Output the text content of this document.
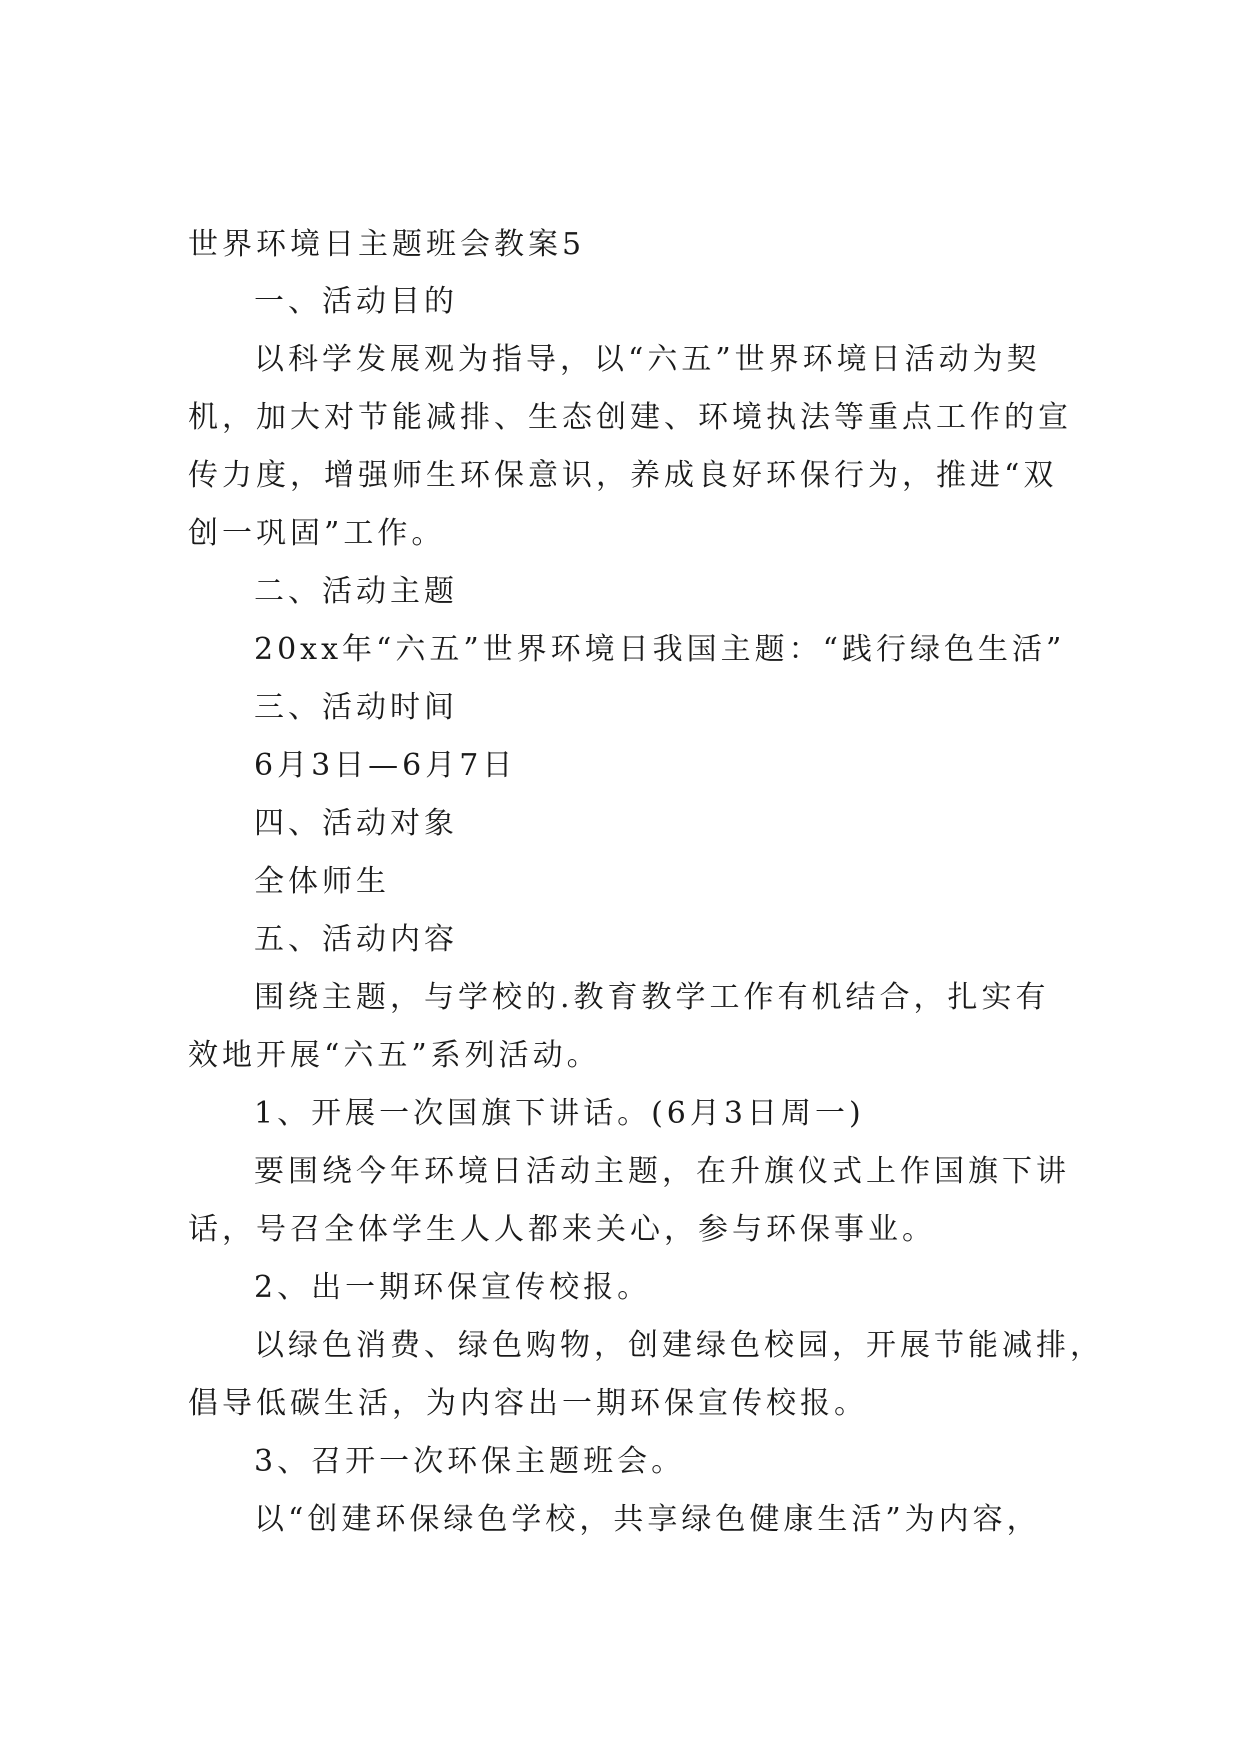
世界环境日主题班会教案5

一、活动目的

以科学发展观为指导，以“六五”世界环境日活动为契

机，加大对节能减排、生态创建、环境执法等重点工作的宣

传力度，增强师生环保意识，养成良好环保行为，推进“双

创一巩固”工作。

二、活动主题

20xx年“六五”世界环境日我国主题：“践行绿色生活”

三、活动时间

6月3日—6月7日

四、活动对象

全体师生

五、活动内容

围绕主题，与学校的.教育教学工作有机结合，扎实有

效地开展“六五”系列活动。

1、开展一次国旗下讲话。(6月3日周一)

要围绕今年环境日活动主题，在升旗仪式上作国旗下讲

话，号召全体学生人人都来关心，参与环保事业。

2、出一期环保宣传校报。

以绿色消费、绿色购物，创建绿色校园，开展节能减排，

倡导低碳生活，为内容出一期环保宣传校报。

3、召开一次环保主题班会。

以“创建环保绿色学校，共享绿色健康生活”为内容，
